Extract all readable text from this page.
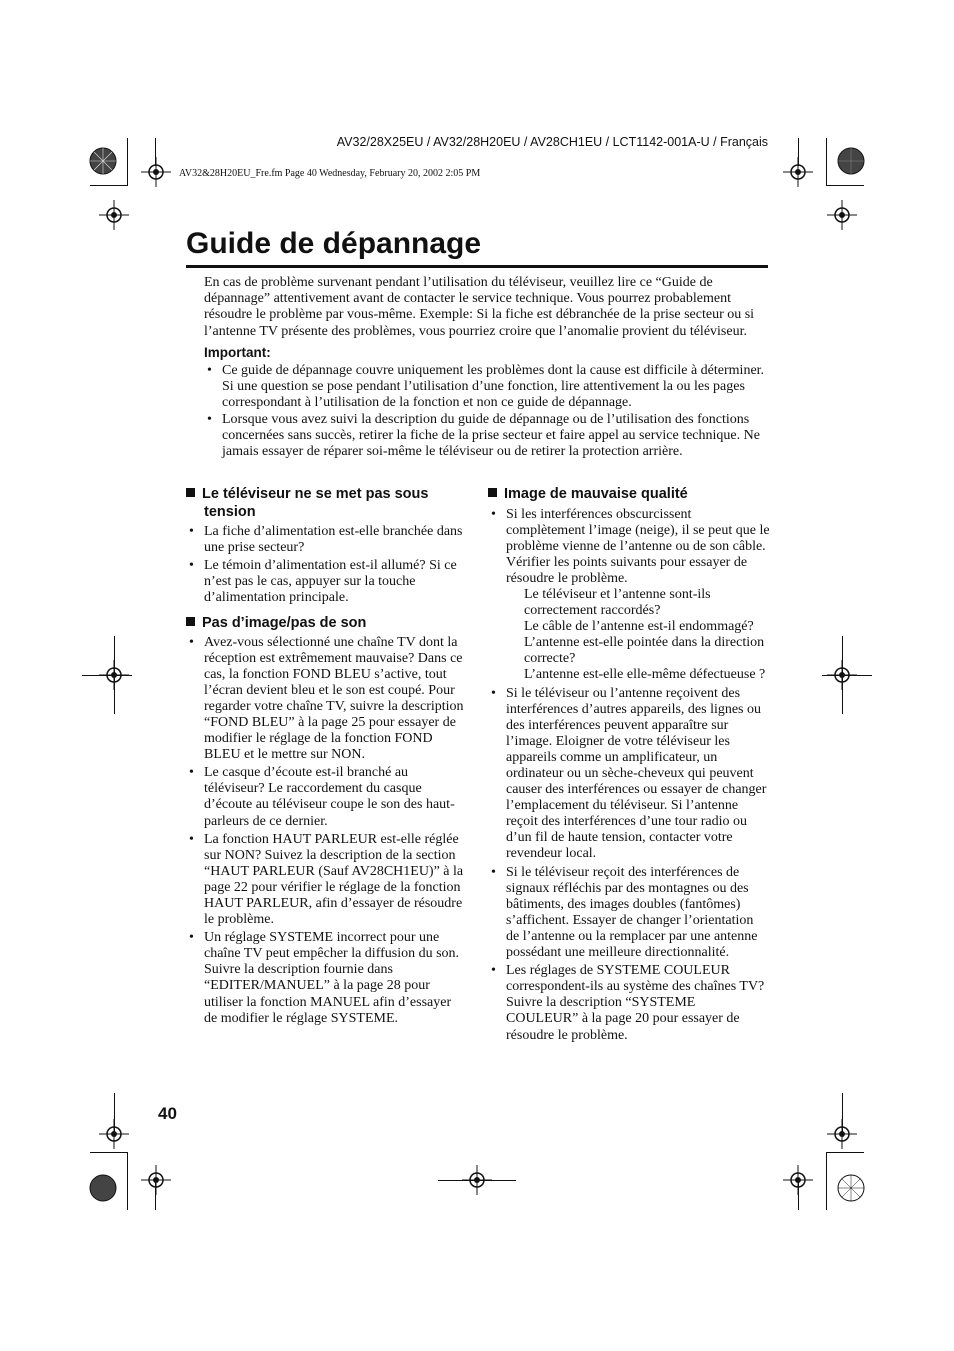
AV32/28X25EU / AV32/28H20EU / AV28CH1EU / LCT1142-001A-U / Français
AV32&28H20EU_Fre.fm Page 40 Wednesday, February 20, 2002 2:05 PM
Guide de dépannage

En cas de problème survenant pendant l’utilisation du téléviseur, veuillez lire ce “Guide de dépannage” attentivement avant de contacter le service technique. Vous pourrez probablement résoudre le problème par vous-même. Exemple: Si la fiche est débranchée de la prise secteur ou si l’antenne TV présente des problèmes, vous pourriez croire que l’anomalie provient du téléviseur.

Important:
• Ce guide de dépannage couvre uniquement les problèmes dont la cause est difficile à déterminer. Si une question se pose pendant l’utilisation d’une fonction, lire attentivement la ou les pages correspondant à l’utilisation de la fonction et non ce guide de dépannage.
• Lorsque vous avez suivi la description du guide de dépannage ou de l’utilisation des fonctions concernées sans succès, retirer la fiche de la prise secteur et faire appel au service technique. Ne jamais essayer de réparer soi-même le téléviseur ou de retirer la protection arrière.
Le téléviseur ne se met pas sous
tension
• La fiche d’alimentation est-elle branchée dans une prise secteur?
• Le témoin d’alimentation est-il allumé? Si ce n’est pas le cas, appuyer sur la touche d’alimentation principale.
Pas d’image/pas de son
• Avez-vous sélectionné une chaîne TV dont la réception est extrêmement mauvaise? Dans ce cas, la fonction FOND BLEU s’active, tout l’écran devient bleu et le son est coupé. Pour regarder votre chaîne TV, suivre la description “FOND BLEU” à la page 25 pour essayer de modifier le réglage de la fonction FOND BLEU et le mettre sur NON.
• Le casque d’écoute est-il branché au téléviseur? Le raccordement du casque d’écoute au téléviseur coupe le son des haut-parleurs de ce dernier.
• La fonction HAUT PARLEUR est-elle réglée sur NON? Suivez la description de la section “HAUT PARLEUR (Sauf AV28CH1EU)” à la page 22 pour vérifier le réglage de la fonction HAUT PARLEUR, afin d’essayer de résoudre le problème.
• Un réglage SYSTEME incorrect pour une chaîne TV peut empêcher la diffusion du son. Suivre la description fournie dans “EDITER/MANUEL” à la page 28 pour utiliser la fonction MANUEL afin d’essayer de modifier le réglage SYSTEME.
Image de mauvaise qualité
• Si les interférences obscurcissent complètement l’image (neige), il se peut que le problème vienne de l’antenne ou de son câble. Vérifier les points suivants pour essayer de résoudre le problème.
Le téléviseur et l’antenne sont-ils correctement raccordés?
Le câble de l’antenne est-il endommagé?
L’antenne est-elle pointée dans la direction correcte?
L’antenne est-elle elle-même défectueuse ?
• Si le téléviseur ou l’antenne reçoivent des interférences d’autres appareils, des lignes ou des interférences peuvent apparaître sur l’image. Eloigner de votre téléviseur les appareils comme un amplificateur, un ordinateur ou un sèche-cheveux qui peuvent causer des interférences ou essayer de changer l’emplacement du téléviseur. Si l’antenne reçoit des interférences d’une tour radio ou d’un fil de haute tension, contacter votre revendeur local.
• Si le téléviseur reçoit des interférences de signaux réfléchis par des montagnes ou des bâtiments, des images doubles (fantômes) s’affichent. Essayer de changer l’orientation de l’antenne ou la remplacer par une antenne possédant une meilleure directionnalité.
• Les réglages de SYSTEME COULEUR correspondent-ils au système des chaînes TV? Suivre la description “SYSTEME COULEUR” à la page 20 pour essayer de résoudre le problème.
40
